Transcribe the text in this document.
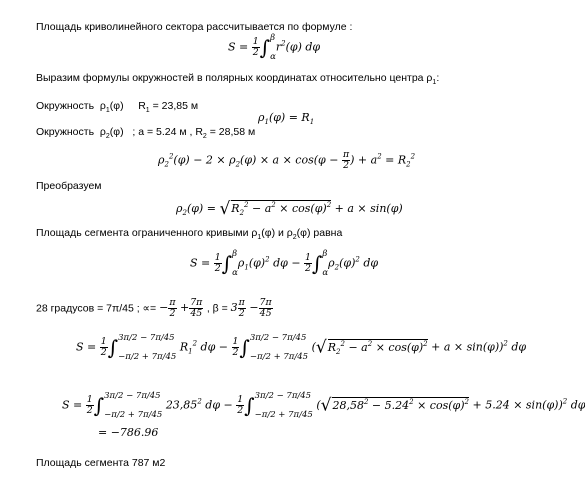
Площадь криволинейного сектора рассчитывается по формуле :
$S = \frac{1}{2}$ ∫ β
α
$r^2(\varphi)$ dφ
Выразим формулы окружностей в полярных координатах относительно центра $\rho_1$:
Окружность $\rho_1(\varphi) R_1 = 23,85$ м
$\rho_1(\varphi) = R_1$
Окружность $\rho_2(\varphi)$ ; a = 5.24 м , $R_2 = 28,58$ м
$\rho_2^2(\varphi) - 2 \times \rho_2(\varphi) \times a \times \cos(\varphi - \frac{\pi}{2}$ ) + $a^2 = R_2^2$
Преобразуем
$\rho_2(\varphi) = √R_2^2 - a^2 \times \cos(\varphi)^2 + a \times \sin(\varphi)$
Площадь сегмента ограниченного кривыми $\rho_1(\varphi)$ и $\rho_2(\varphi)$ равна
$S = \frac{1}{2}$ ∫ β
α
$\rho_1(\varphi)^2$ $d\varphi - \frac{1}{2}$ ∫ β
α
$\rho_2(\varphi)^2$ dφ
28 градусов = 7π/45 ; ∝= − $\frac{\pi}{2} + \frac{7\pi}{45}$ , $\beta = 3 \frac{\pi}{2} - \frac{7\pi}{45}$
$S = \frac{1}{2}$ ∫ 3π/2 − 7π/45
−π/2 + 7π/45
$R_1^2$ $d\varphi - \frac{1}{2}$ ∫ 3π/2 − 7π/45
−π/2 + 7π/45
$(√R_2^2 - a^2 \times \cos(\varphi)^2 + a \times \sin(\varphi))^2$ dφ
$S = \frac{1}{2}$ ∫ 3π/2 − 7π/45
−π/2 + 7π/45
23,85$^2$ $d\varphi - \frac{1}{2}$ ∫ 3π/2 − 7π/45
−π/2 + 7π/45
$(√28,58^2 - 5.24^2 \times \cos(\varphi)^2 + 5.24 \times \sin(\varphi))^2$ dφ
= −786.96
Площадь сегмента 787 м2
